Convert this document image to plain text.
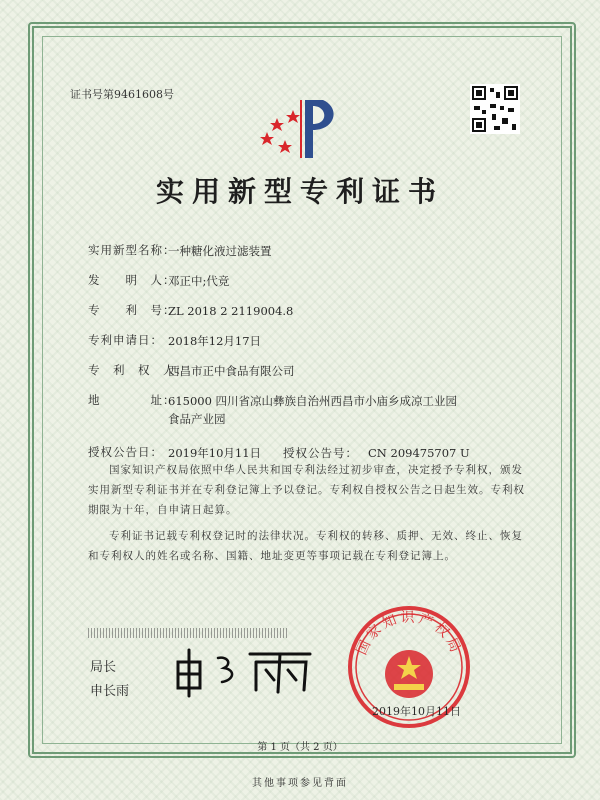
证书号第9461608号
实用新型专利证书
实用新型名称：
一种糖化液过滤装置
发　　明　人：
邓正中;代竞
专　　利　号：
ZL 2018 2 2119004.8
专利申请日： 2018年12月17日
专　利　权　人：
西昌市正中食品有限公司
地　　　　址：
615000 四川省凉山彝族自治州西昌市小庙乡成凉工业园
食品产业园
授权公告日： 2019年10月11日	授权公告号： CN 209475707 U

国家知识产权局依照中华人民共和国专利法经过初步审查，决定授予专利权，颁发实用新型专利证书并在专利登记簿上予以登记。专利权自授权公告之日起生效。专利权期限为十年，自申请日起算。

专利证书记载专利权登记时的法律状况。专利权的转移、质押、无效、终止、恢复和专利权人的姓名或名称、国籍、地址变更等事项记载在专利登记簿上。

局长
申长雨
国家知识产权局
2019年10月11日
第 1 页（共 2 页）
其他事项参见背面
